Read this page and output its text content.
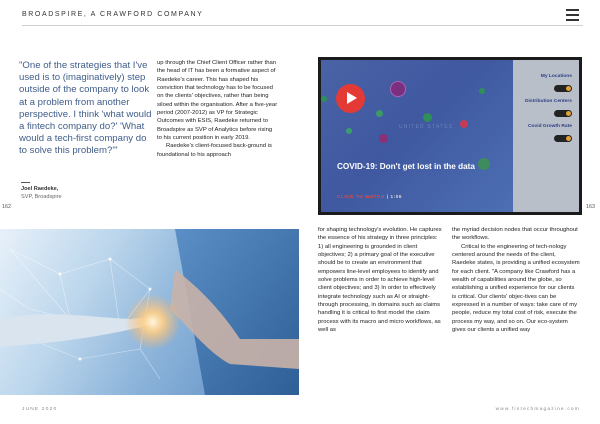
BROADSPIRE, A CRAWFORD COMPANY
"One of the strategies that I've used is to (imaginatively) step outside of the company to look at a problem from another perspective. I think 'what would a fintech company do?' 'What would a tech-first company do to solve this problem?'"
Joel Raedeke,
SVP, Broadspire

up through the Chief Client Officer rather than the head of IT has been a formative aspect of Raedeke's career. This has shaped his conviction that technology has to be focused on the clients' objectives, rather than being siloed within the organisation. After a five-year period (2007-2012) as VP for Strategic Outcomes with ESIS, Raedeke returned to Broadspire as SVP of Analytics before rising to his current position in early 2019.

Raedeke's client-focused back-ground is foundational to his approach

162	163
UNITED STATES
COVID-19: Don't get lost in the data
CLICK TO WATCH | 1:06
My Locations
Distribution Centers
Covid Growth Rate

for shaping technology's evolution. He captures the essence of his strategy in three principles: 1) all engineering is grounded in client objectives; 2) a primary goal of the executive should be to create an environment that empowers line-level employees to identify and solve problems in order to achieve high-level client objectives; and 3) In order to effectively integrate technology such as AI or straight-through processing, in domains such as claims handling it is critical to first model the claim process with its macro and micro workflows, as well as

the myriad decision nodes that occur throughout the workflows.

Critical to the engineering of tech-nology centered around the needs of the client, Raedeke states, is providing a unified ecosystem for each client. "A company like Crawford has a wealth of capabilities around the globe, so establishing a unified experience for our clients is critical. Our clients' objec-tives can be expressed in a number of ways: take care of my people, reduce my total cost of risk, execute the process my way, and so on. Our eco-system gives our clients a unified way

JUNE 2020	www.fintechmagazine.com
